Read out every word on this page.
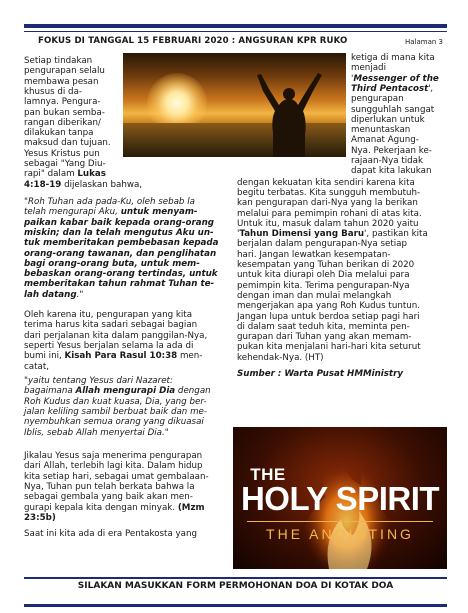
FOKUS DI TANGGAL 15 FEBRUARI 2020 : ANGSURAN KPR RUKO	Halaman 3
THE
HOLY SPIRIT
THE ANOINTING
SILAKAN MASUKKAN FORM PERMOHONAN DOA DI KOTAK DOA
Setiap tindakan
pengurapan selalu
membawa pesan
khusus di da-
lamnya. Pengura-
pan bukan semba-
rangan diberikan/
dilakukan tanpa
maksud dan tujuan.
Yesus Kristus pun
sebagai "Yang Diu-
rapi" dalam Lukas
4:18-19 dijelaskan bahwa,
"Roh Tuhan ada pada-Ku, oleh sebab la
telah mengurapi Aku, untuk menyam-
paikan kabar baik kepada orang-orang
miskin; dan la telah mengutus Aku un-
tuk memberitakan pembebasan kepada
orang-orang tawanan, dan penglihatan
bagi orang-orang buta, untuk mem-
bebaskan orang-orang tertindas, untuk
memberitakan tahun rahmat Tuhan te-
lah datang."
Oleh karena itu, pengurapan yang kita
terima harus kita sadari sebagai bagian
dari perjalanan kita dalam panggilan-Nya,
seperti Yesus berjalan selama la ada di
bumi ini, Kisah Para Rasul 10:38 men-
catat,
"yaitu tentang Yesus dari Nazaret:
bagaimana Allah mengurapi Dia dengan
Roh Kudus dan kuat kuasa, Dia, yang ber-
jalan keliling sambil berbuat baik dan me-
nyembuhkan semua orang yang dikuasai
Iblis, sebab Allah menyertai Dia."
Jikalau Yesus saja menerima pengurapan
dari Allah, terlebih lagi kita. Dalam hidup
kita setiap hari, sebagai umat gembalaan-
Nya, Tuhan pun telah berkata bahwa la
sebagai gembala yang baik akan men-
gurapi kepala kita dengan minyak. (Mzm
23:5b)
Saat ini kita ada di era Pentakosta yang
ketiga di mana kita
menjadi
'Messenger of the
Third Pentacost',
pengurapan
sungguhlah sangat
diperlukan untuk
menuntaskan
Amanat Agung-
Nya. Pekerjaan ke-
rajaan-Nya tidak
dapat kita lakukan
dengan kekuatan kita sendiri karena kita
begitu terbatas. Kita sungguh membutuh-
kan pengurapan dari-Nya yang la berikan
melalui para pemimpin rohani di atas kita.
Untuk itu, masuk dalam tahun 2020 yaitu
'Tahun Dimensi yang Baru', pastikan kita
berjalan dalam pengurapan-Nya setiap
hari. Jangan lewatkan kesempatan-
kesempatan yang Tuhan berikan di 2020
untuk kita diurapi oleh Dia melalui para
pemimpin kita. Terima pengurapan-Nya
dengan iman dan mulai melangkah
mengerjakan apa yang Roh Kudus tuntun.
Jangan lupa untuk berdoa setiap pagi hari
di dalam saat teduh kita, meminta pen-
gurapan dari Tuhan yang akan memam-
pukan kita menjalani hari-hari kita seturut
kehendak-Nya. (HT)
Sumber : Warta Pusat HMMinistry
